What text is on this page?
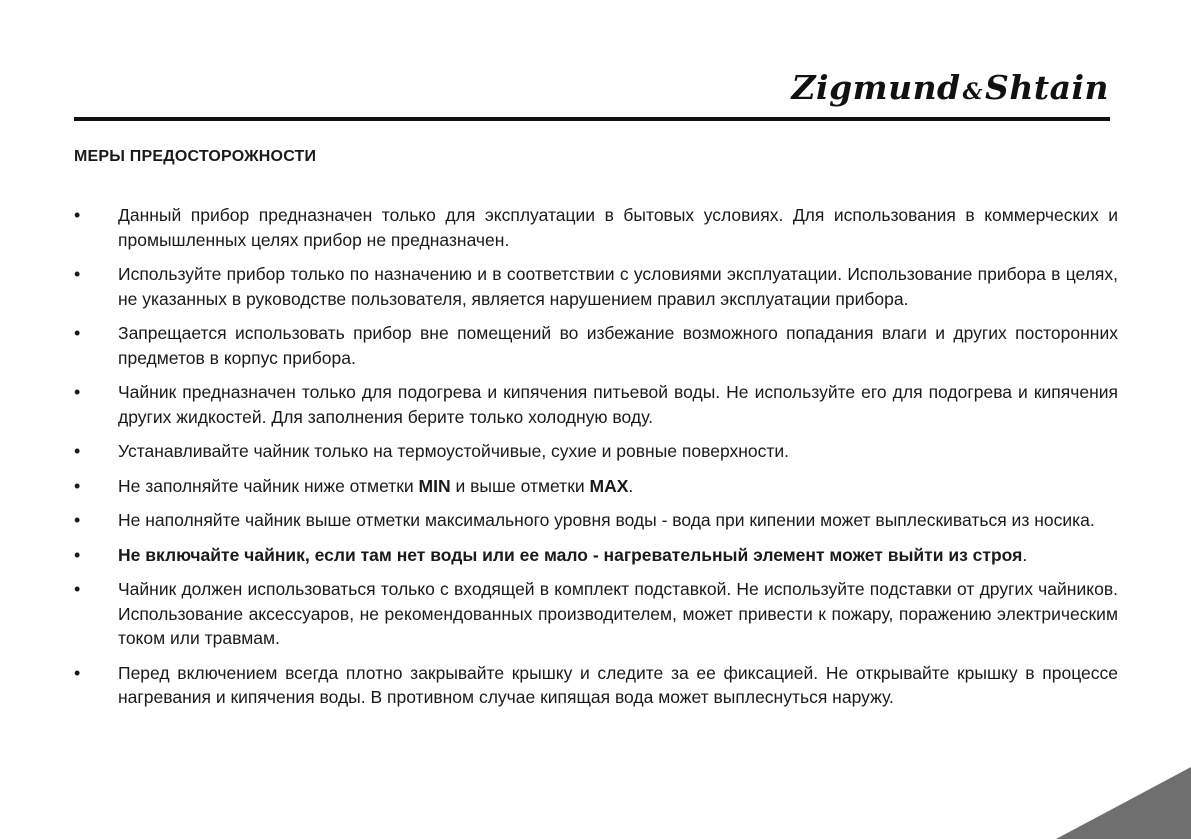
Zigmund&Shtain
МЕРЫ ПРЕДОСТОРОЖНОСТИ
• Данный прибор предназначен только для эксплуатации в бытовых условиях. Для использования в коммерческих и промышленных целях прибор не предназначен.
• Используйте прибор только по назначению и в соответствии с условиями эксплуатации. Использование прибора в целях, не указанных в руководстве пользователя, является нарушением правил эксплуатации прибора.
• Запрещается использовать прибор вне помещений во избежание возможного попадания влаги и других посторонних предметов в корпус прибора.
• Чайник предназначен только для подогрева и кипячения питьевой воды. Не используйте его для подогрева и кипячения других жидкостей. Для заполнения берите только холодную воду.
• Устанавливайте чайник только на термоустойчивые, сухие и ровные поверхности.
• Не заполняйте чайник ниже отметки MIN и выше отметки MAX.
• Не наполняйте чайник выше отметки максимального уровня воды - вода при кипении может выплескиваться из носика.
• Не включайте чайник, если там нет воды или ее мало - нагревательный элемент может выйти из строя.
• Чайник должен использоваться только с входящей в комплект подставкой. Не используйте подставки от других чайников. Использование аксессуаров, не рекомендованных производителем, может привести к пожару, поражению электрическим током или травмам.
• Перед включением всегда плотно закрывайте крышку и следите за ее фиксацией. Не открывайте крышку в процессе нагревания и кипячения воды. В противном случае кипящая вода может выплеснуться наружу.
